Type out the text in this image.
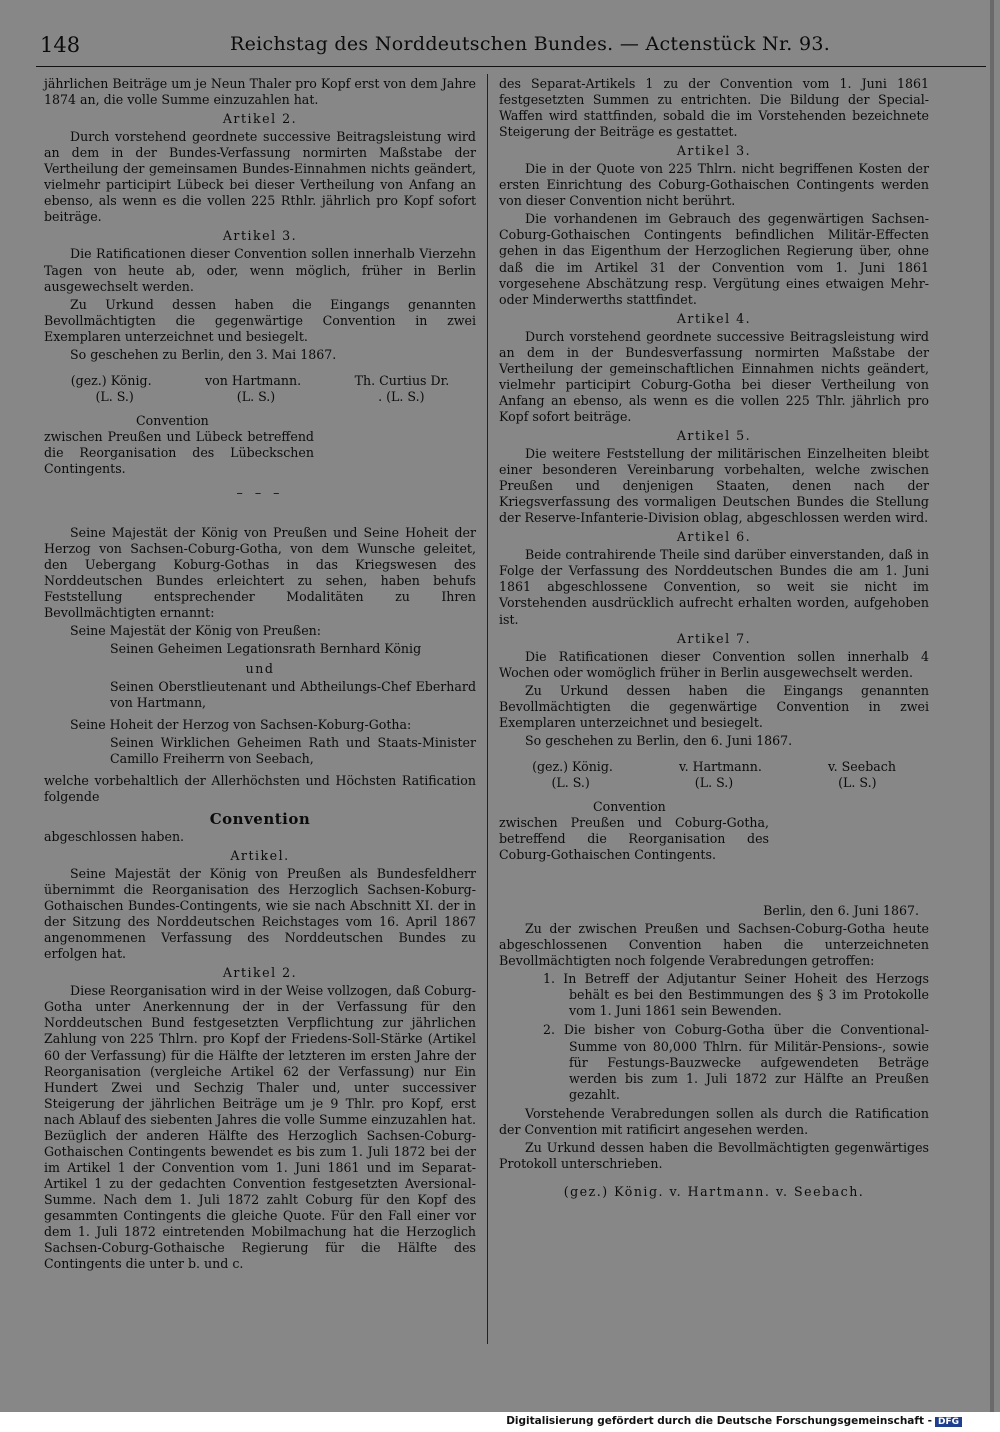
148	Reichstag des Norddeutschen Bundes. — Actenstück Nr. 93.

jährlichen Beiträge um je Neun Thaler pro Kopf erst von dem Jahre 1874 an, die volle Summe einzuzahlen hat.

Artikel 2.

Durch vorstehend geordnete successive Beitragsleistung wird an dem in der Bundes-Verfassung normirten Maßstabe der Vertheilung der gemeinsamen Bundes-Einnahmen nichts geändert, vielmehr participirt Lübeck bei dieser Vertheilung von Anfang an ebenso, als wenn es die vollen 225 Rthlr. jährlich pro Kopf sofort beiträge.

Artikel 3.

Die Ratificationen dieser Convention sollen innerhalb Vierzehn Tagen von heute ab, oder, wenn möglich, früher in Berlin ausgewechselt werden.

Zu Urkund dessen haben die Eingangs genannten Bevollmächtigten die gegenwärtige Convention in zwei Exemplaren unterzeichnet und besiegelt.

So geschehen zu Berlin, den 3. Mai 1867.

(gez.) König.	von Hartmann.	Th. Curtius Dr.
(L. S.)	(L. S.)	. (L. S.)
Convention
zwischen Preußen und Lübeck betreffend die Reorganisation des Lübeckschen Contingents.
– – –

Seine Majestät der König von Preußen und Seine Hoheit der Herzog von Sachsen-Coburg-Gotha, von dem Wunsche geleitet, den Uebergang Koburg-Gothas in das Kriegswesen des Norddeutschen Bundes erleichtert zu sehen, haben behufs Feststellung entsprechender Modalitäten zu Ihren Bevollmächtigten ernannt:

Seine Majestät der König von Preußen:

Seinen Geheimen Legationsrath Bernhard König

und

Seinen Oberstlieutenant und Abtheilungs-Chef Eberhard von Hartmann,

Seine Hoheit der Herzog von Sachsen-Koburg-Gotha:

Seinen Wirklichen Geheimen Rath und Staats-Minister Camillo Freiherrn von Seebach,

welche vorbehaltlich der Allerhöchsten und Höchsten Ratification folgende

Convention

abgeschlossen haben.

Artikel.

Seine Majestät der König von Preußen als Bundesfeldherr übernimmt die Reorganisation des Herzoglich Sachsen-Koburg-Gothaischen Bundes-Contingents, wie sie nach Abschnitt XI. der in der Sitzung des Norddeutschen Reichstages vom 16. April 1867 angenommenen Verfassung des Norddeutschen Bundes zu erfolgen hat.

Artikel 2.

Diese Reorganisation wird in der Weise vollzogen, daß Coburg-Gotha unter Anerkennung der in der Verfassung für den Norddeutschen Bund festgesetzten Verpflichtung zur jährlichen Zahlung von 225 Thlrn. pro Kopf der Friedens-Soll-Stärke (Artikel 60 der Verfassung) für die Hälfte der letzteren im ersten Jahre der Reorganisation (vergleiche Artikel 62 der Verfassung) nur Ein Hundert Zwei und Sechzig Thaler und, unter successiver Steigerung der jährlichen Beiträge um je 9 Thlr. pro Kopf, erst nach Ablauf des siebenten Jahres die volle Summe einzuzahlen hat. Bezüglich der anderen Hälfte des Herzoglich Sachsen-Coburg-Gothaischen Contingents bewendet es bis zum 1. Juli 1872 bei der im Artikel 1 der Convention vom 1. Juni 1861 und im Separat-Artikel 1 zu der gedachten Convention festgesetzten Aversional-Summe. Nach dem 1. Juli 1872 zahlt Coburg für den Kopf des gesammten Contingents die gleiche Quote. Für den Fall einer vor dem 1. Juli 1872 eintretenden Mobilmachung hat die Herzoglich Sachsen-Coburg-Gothaische Regierung für die Hälfte des Contingents die unter b. und c.

des Separat-Artikels 1 zu der Convention vom 1. Juni 1861 festgesetzten Summen zu entrichten. Die Bildung der Special-Waffen wird stattfinden, sobald die im Vorstehenden bezeichnete Steigerung der Beiträge es gestattet.

Artikel 3.

Die in der Quote von 225 Thlrn. nicht begriffenen Kosten der ersten Einrichtung des Coburg-Gothaischen Contingents werden von dieser Convention nicht berührt.

Die vorhandenen im Gebrauch des gegenwärtigen Sachsen-Coburg-Gothaischen Contingents befindlichen Militär-Effecten gehen in das Eigenthum der Herzoglichen Regierung über, ohne daß die im Artikel 31 der Convention vom 1. Juni 1861 vorgesehene Abschätzung resp. Vergütung eines etwaigen Mehr- oder Minderwerths stattfindet.

Artikel 4.

Durch vorstehend geordnete successive Beitragsleistung wird an dem in der Bundesverfassung normirten Maßstabe der Vertheilung der gemeinschaftlichen Einnahmen nichts geändert, vielmehr participirt Coburg-Gotha bei dieser Vertheilung von Anfang an ebenso, als wenn es die vollen 225 Thlr. jährlich pro Kopf sofort beiträge.

Artikel 5.

Die weitere Feststellung der militärischen Einzelheiten bleibt einer besonderen Vereinbarung vorbehalten, welche zwischen Preußen und denjenigen Staaten, denen nach der Kriegsverfassung des vormaligen Deutschen Bundes die Stellung der Reserve-Infanterie-Division oblag, abgeschlossen werden wird.

Artikel 6.

Beide contrahirende Theile sind darüber einverstanden, daß in Folge der Verfassung des Norddeutschen Bundes die am 1. Juni 1861 abgeschlossene Convention, so weit sie nicht im Vorstehenden ausdrücklich aufrecht erhalten worden, aufgehoben ist.

Artikel 7.

Die Ratificationen dieser Convention sollen innerhalb 4 Wochen oder womöglich früher in Berlin ausgewechselt werden.

Zu Urkund dessen haben die Eingangs genannten Bevollmächtigten die gegenwärtige Convention in zwei Exemplaren unterzeichnet und besiegelt.

So geschehen zu Berlin, den 6. Juni 1867.

(gez.) König.	v. Hartmann.	v. Seebach
(L. S.)	(L. S.)	(L. S.)
Convention
zwischen Preußen und Coburg-Gotha, betreffend die Reorganisation des Coburg-Gothaischen Contingents.
Berlin, den 6. Juni 1867.

Zu der zwischen Preußen und Sachsen-Coburg-Gotha heute abgeschlossenen Convention haben die unterzeichneten Bevollmächtigten noch folgende Verabredungen getroffen:

1. In Betreff der Adjutantur Seiner Hoheit des Herzogs behält es bei den Bestimmungen des § 3 im Protokolle vom 1. Juni 1861 sein Bewenden.

2. Die bisher von Coburg-Gotha über die Conventional-Summe von 80,000 Thlrn. für Militär-Pensions-, sowie für Festungs-Bauzwecke aufgewendeten Beträge werden bis zum 1. Juli 1872 zur Hälfte an Preußen gezahlt.

Vorstehende Verabredungen sollen als durch die Ratification der Convention mit ratificirt angesehen werden.

Zu Urkund dessen haben die Bevollmächtigten gegenwärtiges Protokoll unterschrieben.

(gez.) König. v. Hartmann. v. Seebach.
Digitalisierung gefördert durch die Deutsche Forschungsgemeinschaft - DFG
